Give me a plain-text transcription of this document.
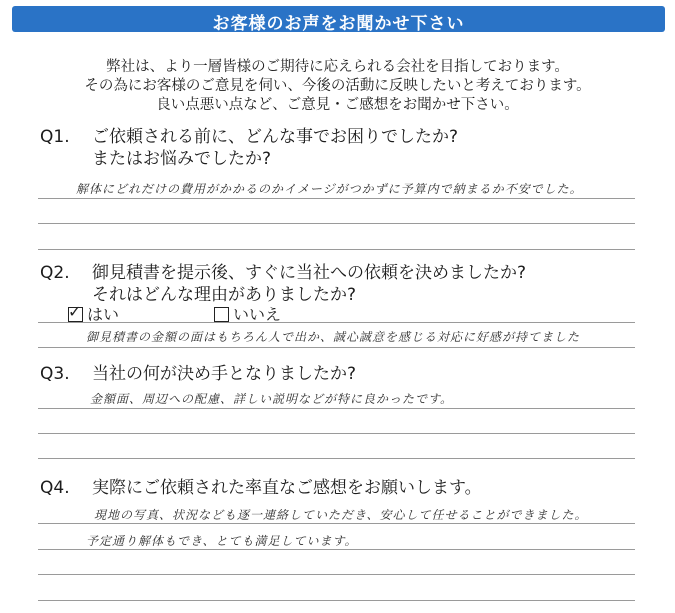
お客様のお声をお聞かせ下さい
弊社は、より一層皆様のご期待に応えられる会社を目指しております。
その為にお客様のご意見を伺い、今後の活動に反映したいと考えております。
良い点悪い点など、ご意見・ご感想をお聞かせ下さい。
Q1. ご依頼される前に、どんな事でお困りでしたか?
またはお悩みでしたか?
解体にどれだけの費用がかかるのかイメージがつかずに予算内で納まるか不安でした。
Q2. 御見積書を提示後、すぐに当社への依頼を決めましたか?
それはどんな理由がありましたか?
✓ はい	いいえ
御見積書の金額の面はもちろん人で出か、誠心誠意を感じる対応に好感が持てました
Q3. 当社の何が決め手となりましたか?
金額面、周辺への配慮、詳しい説明などが特に良かったです。
Q4. 実際にご依頼された率直なご感想をお願いします。
現地の写真、状況なども逐一連絡していただき、安心して任せることができました。
予定通り解体もでき、とても満足しています。
